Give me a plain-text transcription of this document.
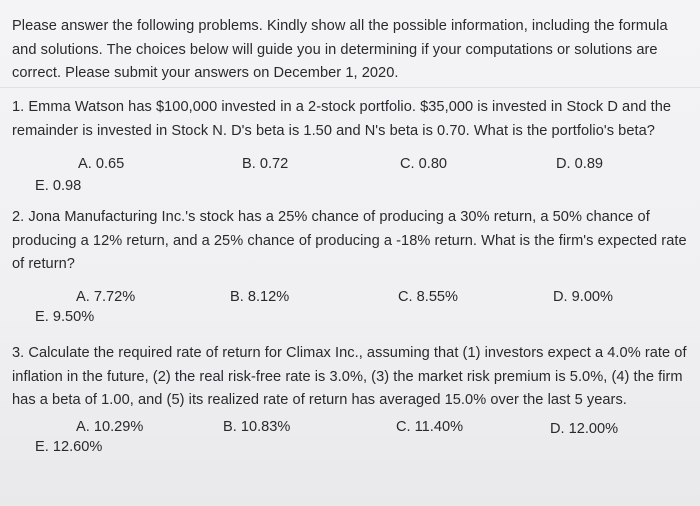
Please answer the following problems. Kindly show all the possible information, including the formula and solutions. The choices below will guide you in determining if your computations or solutions are correct. Please submit your answers on December 1, 2020.

1. Emma Watson has $100,000 invested in a 2-stock portfolio. $35,000 is invested in Stock D and the remainder is invested in Stock N. D's beta is 1.50 and N's beta is 0.70. What is the portfolio's beta?

A. 0.65	B. 0.72	C. 0.80	D. 0.89
E. 0.98

2. Jona Manufacturing Inc.'s stock has a 25% chance of producing a 30% return, a 50% chance of producing a 12% return, and a 25% chance of producing a -18% return. What is the firm's expected rate of return?

A. 7.72%	B. 8.12%	C. 8.55%	D. 9.00%
E. 9.50%

3. Calculate the required rate of return for Climax Inc., assuming that (1) investors expect a 4.0% rate of inflation in the future, (2) the real risk-free rate is 3.0%, (3) the market risk premium is 5.0%, (4) the firm has a beta of 1.00, and (5) its realized rate of return has averaged 15.0% over the last 5 years.

A. 10.29%	B. 10.83%	C. 11.40%	D. 12.00%
E. 12.60%
